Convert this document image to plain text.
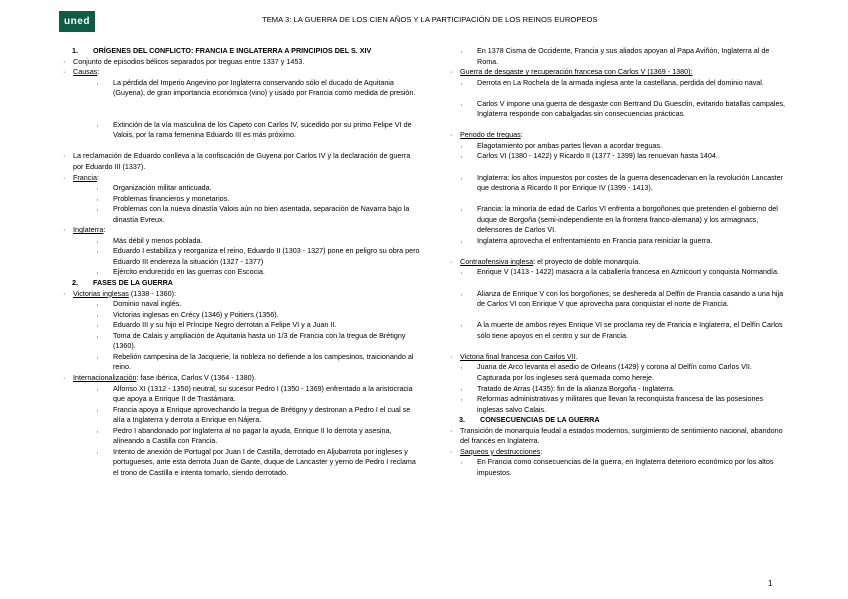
uned	TEMA 3: LA GUERRA DE LOS CIEN AÑOS Y LA PARTICIPACIÓN DE LOS REINOS EUROPEOS
1. ORÍGENES DEL CONFLICTO: FRANCIA E INGLATERRA A PRINCIPIOS DEL S. XIV
· Conjunto de episodios bélicos separados por treguas entre 1337 y 1453.
· Causas:
‚ La pérdida del Imperio Angevino por Inglaterra conservando sólo el ducado de Aquitania (Guyena), de gran importancia económica (vino) y usado por Francia como medida de presión.
‚ Extinción de la vía masculina de los Capeto con Carlos IV, sucedido por su primo Felipe VI de Valois, por la rama femenina Eduardo III es más próximo.
· La reclamación de Eduardo conlleva a la confiscación de Guyena por Carlos IV y la declaración de guerra por Eduardo III (1337).
· Francia:
‚ Organización militar anticuada.
‚ Problemas financieros y monetarios.
‚ Problemas con la nueva dinastía Valois aún no bien asentada, separación de Navarra bajo la dinastía Evreux.
· Inglaterra:
‚ Más débil y menos poblada.
‚ Eduardo I estabiliza y reorganiza el reino, Eduardo II (1303 - 1327) pone en peligro su obra pero Eduardo III endereza la situación (1327 - 1377)
‚ Ejército endurecido en las guerras con Escocia.
2. FASES DE LA GUERRA
· Victorias inglesas (1338 - 1360):
‚ Dominio naval inglés.
‚ Victorias inglesas en Crécy (1346) y Poitiers (1356).
‚ Eduardo III y su hijo el Príncipe Negro derrotan a Felipe VI y a Juan II.
‚ Toma de Calais y ampliación de Aquitania hasta un 1/3 de Francia con la tregua de Brétigny (1360).
‚ Rebelión campesina de la Jacquerie, la nobleza no defiende a los campesinos, traicionando al reino.
· Internacionalización: fase ibérica, Carlos V (1364 - 1380).
‚ Alfonso XI (1312 - 1350) neutral, su sucesor Pedro I (1350 - 1369) enfrentado a la aristocracia que apoya a Enrique II de Trastámara.
‚ Francia apoya a Enrique aprovechando la tregua de Brétigny y destronan a Pedro I el cual se alía a Inglaterra y derrota a Enrique en Nájera.
‚ Pedro I abandonado por Inglaterra al no pagar la ayuda, Enrique II lo derrota y asesina, alineando a Castilla con Francia.
‚ Intento de anexión de Portugal por Juan I de Castilla, derrotado en Aljubarrota por ingleses y portugueses, ante esta derrota Juan de Gante, duque de Lancaster y yerno de Pedro I reclama el trono de Castilla e intenta tomarlo, siendo derrotado.
‚ En 1378 Cisma de Occidente, Francia y sus aliados apoyan al Papa Aviñón, Inglaterra al de Roma.
· Guerra de desgaste y recuperación francesa con Carlos V (1369 - 1380):
‚ Derrota en La Rochela de la armada inglesa ante la castellana, perdida del dominio naval.
‚ Carlos V impone una guerra de desgaste con Bertrand Du Guesclin, evitando batallas campales, Inglaterra responde con cabalgadas sin consecuencias prácticas.
· Periodo de treguas:
‚ Elagotamiento por ambas partes llevan a acordar treguas.
‚ Carlos VI (1380 - 1422) y Ricardo II (1377 - 1399) las renuevan hasta 1404.
‚ Inglaterra: los altos impuestos por costes de la guerra desencadenan en la revolución Lancaster que destrona a Ricardo II por Enrique IV (1399 - 1413).
‚ Francia: la minoría de edad de Carlos VI enfrenta a borgoñones que pretenden el gobierno del duque de Borgoña (semi-independiente en la frontera franco-alemana) y los armagnacs, defensores de Carlos VI.
‚ Inglaterra aprovecha el enfrentamiento en Francia para reiniciar la guerra.
· Contraofensiva inglesa: el proyecto de doble monarquía.
‚ Enrique V (1413 - 1422) masacra a la caballería francesa en Aznicourt y conquista Normandía.
‚ Alianza de Enrique V con los borgoñones, se deshereda al Delfín de Francia casando a una hija de Carlos VI con Enrique V que aprovecha para conquistar el norte de Francia.
‚ A la muerte de ambos reyes Enrique VI se proclama rey de Francia e Inglaterra, el Delfín Carlos sólo tiene apoyos en el centro y sur de Francia.
· Victoria final francesa con Carlos VII.
‚ Juana de Arco levanta el asedio de Orleans (1429) y corona al Delfín como Carlos VII. Capturada por los ingleses será quemada como hereje.
‚ Tratado de Arras (1435): fin de la alianza Borgoña - Inglaterra.
‚ Reformas administrativas y militares que llevan la reconquista francesa de las posesiones inglesas salvo Calais.
3. CONSECUENCIAS DE LA GUERRA
· Transición de monarquía feudal a estados modernos, surgimiento de sentimiento nacional, abandono del francés en Inglaterra.
· Saqueos y destrucciones:
‚ En Francia como consecuencias de la guerra, en Inglaterra deterioro económico por los altos impuestos.
1
